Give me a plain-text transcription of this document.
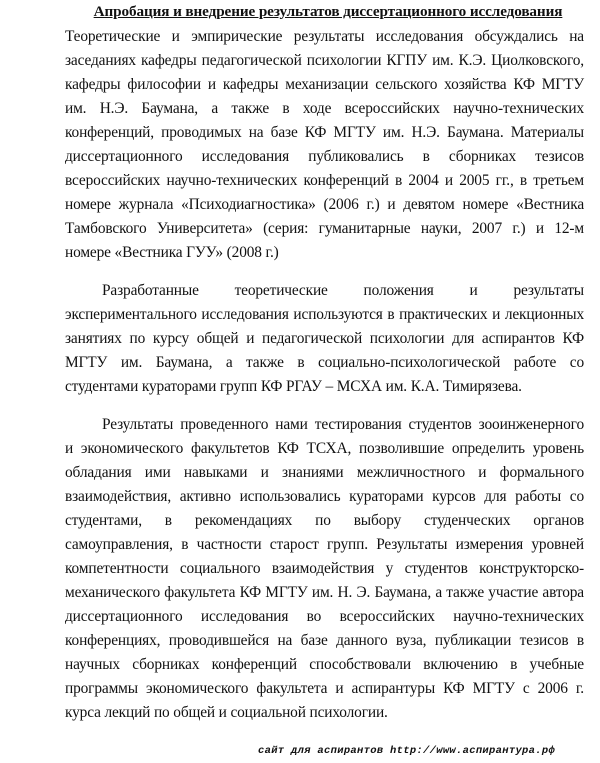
Апробация и внедрение результатов диссертационного исследования
Теоретические и эмпирические результаты исследования обсуждались на
заседаниях кафедры педагогической психологии КГПУ им. К.Э. Циолковского,
кафедры философии и кафедры механизации сельского хозяйства КФ МГТУ
им. Н.Э. Баумана, а также в ходе всероссийских научно-технических
конференций, проводимых на базе КФ МГТУ им. Н.Э. Баумана. Материалы
диссертационного исследования публиковались в сборниках тезисов
всероссийских научно-технических конференций в 2004 и 2005 гг., в третьем
номере журнала «Психодиагностика» (2006 г.) и девятом номере «Вестника
Тамбовского Университета» (серия: гуманитарные науки, 2007 г.) и 12-м
номере «Вестника ГУУ» (2008 г.)
Разработанные теоретические положения и результаты
экспериментального исследования используются в практических и лекционных
занятиях по курсу общей и педагогической психологии для аспирантов КФ
МГТУ им. Баумана, а также в социально-психологической работе со
студентами кураторами групп КФ РГАУ – МСХА им. К.А. Тимирязева.
Результаты проведенного нами тестирования студентов зооинженерного
и экономического факультетов КФ ТСХА, позволившие определить уровень
обладания ими навыками и знаниями межличностного и формального
взаимодействия, активно использовались кураторами курсов для работы со
студентами, в рекомендациях по выбору студенческих органов
самоуправления, в частности старост групп. Результаты измерения уровней
компетентности социального взаимодействия у студентов конструкторско-
механического факультета КФ МГТУ им. Н. Э. Баумана, а также участие автора
диссертационного исследования во всероссийских научно-технических
конференциях, проводившейся на базе данного вуза, публикации тезисов в
научных сборниках конференций способствовали включению в учебные
программы экономического факультета и аспирантуры КФ МГТУ с 2006 г.
курса лекций по общей и социальной психологии.
сайт для аспирантов http://www.аспирантура.рф
